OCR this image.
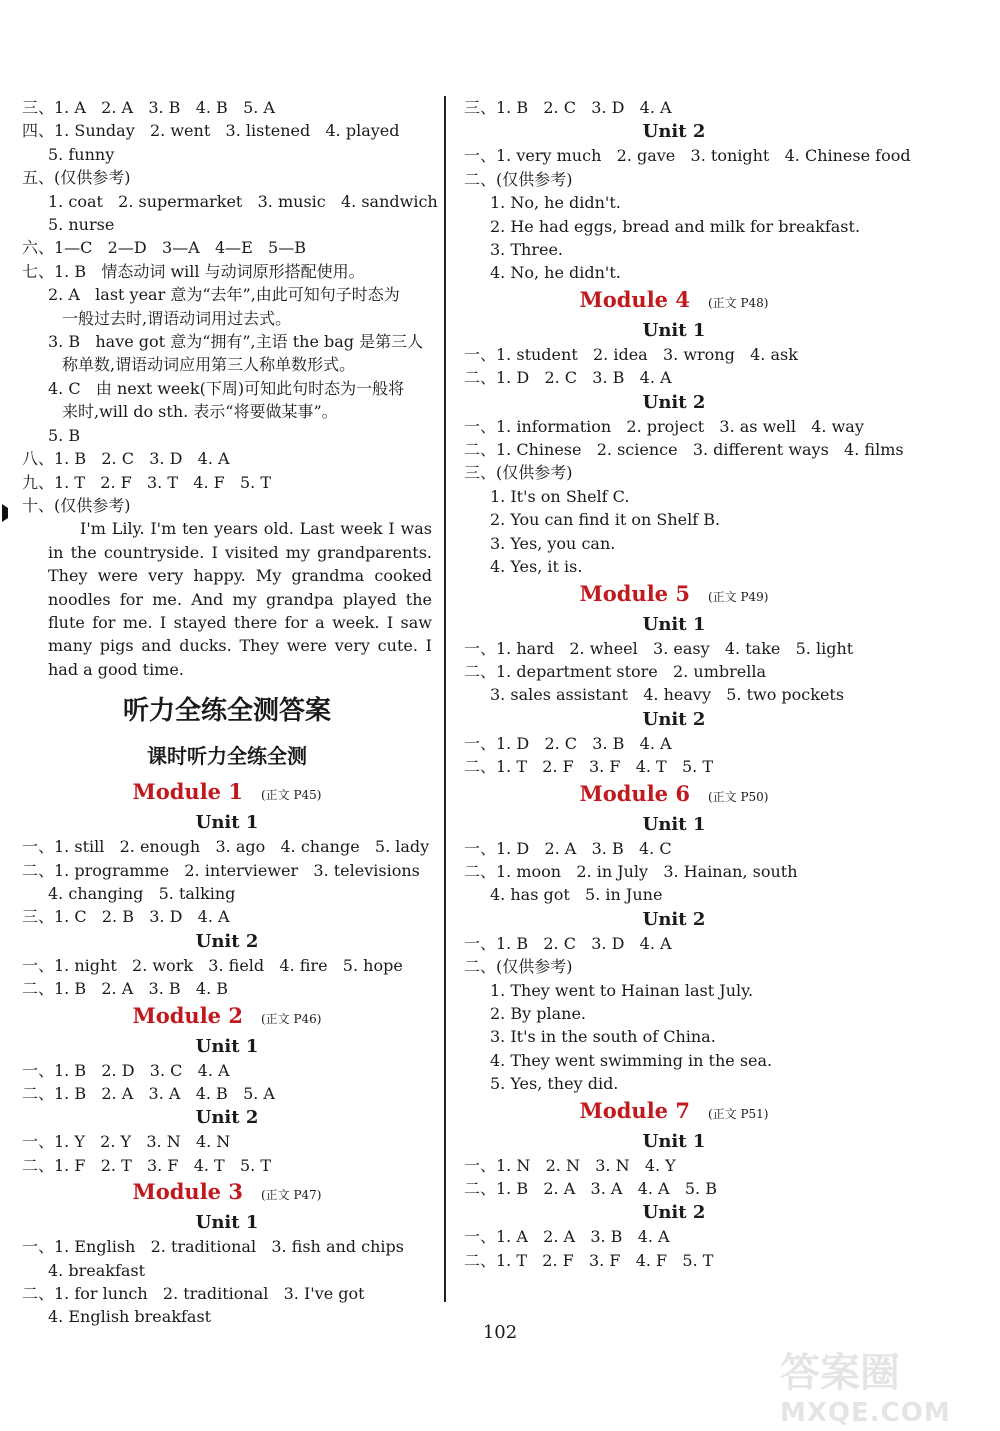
三、1. A   2. A   3. B   4. B   5. A
四、1. Sunday   2. went   3. listened   4. played
5. funny
五、(仅供参考)
1. coat   2. supermarket   3. music   4. sandwich
5. nurse
六、1—C   2—D   3—A   4—E   5—B
七、1. B   情态动词 will 与动词原形搭配使用。
2. A   last year 意为“去年”,由此可知句子时态为
一般过去时,谓语动词用过去式。
3. B   have got 意为“拥有”,主语 the bag 是第三人
称单数,谓语动词应用第三人称单数形式。
4. C   由 next week(下周)可知此句时态为一般将
来时,will do sth. 表示“将要做某事”。
5. B
八、1. B   2. C   3. D   4. A
九、1. T   2. F   3. T   4. F   5. T
十、(仅供参考)
I'm Lily. I'm ten years old. Last week I was in the countryside. I visited my grandparents. They were very happy. My grandma cooked noodles for me. And my grandpa played the flute for me. I stayed there for a week. I saw many pigs and ducks. They were very cute. I had a good time.
听力全练全测答案
课时听力全练全测
Module 1 (正文 P45)
Unit 1
一、1. still   2. enough   3. ago   4. change   5. lady
二、1. programme   2. interviewer   3. televisions
4. changing   5. talking
三、1. C   2. B   3. D   4. A
Unit 2
一、1. night   2. work   3. field   4. fire   5. hope
二、1. B   2. A   3. B   4. B
Module 2 (正文 P46)
Unit 1
一、1. B   2. D   3. C   4. A
二、1. B   2. A   3. A   4. B   5. A
Unit 2
一、1. Y   2. Y   3. N   4. N
二、1. F   2. T   3. F   4. T   5. T
Module 3 (正文 P47)
Unit 1
一、1. English   2. traditional   3. fish and chips
4. breakfast
二、1. for lunch   2. traditional   3. I've got
4. English breakfast
三、1. B   2. C   3. D   4. A
Unit 2
一、1. very much   2. gave   3. tonight   4. Chinese food
二、(仅供参考)
1. No, he didn't.
2. He had eggs, bread and milk for breakfast.
3. Three.
4. No, he didn't.
Module 4 (正文 P48)
Unit 1
一、1. student   2. idea   3. wrong   4. ask
二、1. D   2. C   3. B   4. A
Unit 2
一、1. information   2. project   3. as well   4. way
二、1. Chinese   2. science   3. different ways   4. films
三、(仅供参考)
1. It's on Shelf C.
2. You can find it on Shelf B.
3. Yes, you can.
4. Yes, it is.
Module 5 (正文 P49)
Unit 1
一、1. hard   2. wheel   3. easy   4. take   5. light
二、1. department store   2. umbrella
3. sales assistant   4. heavy   5. two pockets
Unit 2
一、1. D   2. C   3. B   4. A
二、1. T   2. F   3. F   4. T   5. T
Module 6 (正文 P50)
Unit 1
一、1. D   2. A   3. B   4. C
二、1. moon   2. in July   3. Hainan, south
4. has got   5. in June
Unit 2
一、1. B   2. C   3. D   4. A
二、(仅供参考)
1. They went to Hainan last July.
2. By plane.
3. It's in the south of China.
4. They went swimming in the sea.
5. Yes, they did.
Module 7 (正文 P51)
Unit 1
一、1. N   2. N   3. N   4. Y
二、1. B   2. A   3. A   4. A   5. B
Unit 2
一、1. A   2. A   3. B   4. A
二、1. T   2. F   3. F   4. F   5. T
102
答案圈
MXQE.COM
